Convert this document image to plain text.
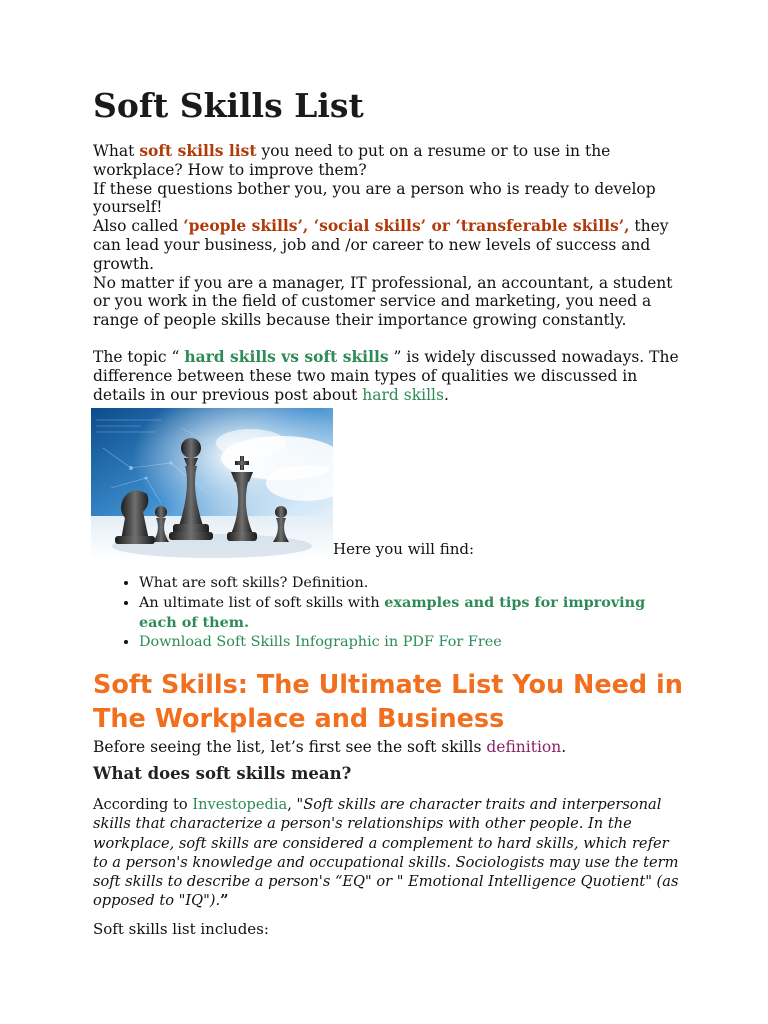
Soft Skills List

What soft skills list you need to put on a resume or to use in the workplace? How to improve them?

If these questions bother you, you are a person who is ready to develop yourself!

Also called ‘people skills’, ‘social skills’ or ‘transferable skills’, they can lead your business, job and /or career to new levels of success and growth.

No matter if you are a manager, IT professional, an accountant, a student or you work in the field of customer service and marketing, you need a range of people skills because their importance growing constantly.

The topic “ hard skills vs soft skills ” is widely discussed nowadays. The difference between these two main types of qualities we discussed in details in our previous post about hard skills.

Here you will find:
• What are soft skills? Definition.
• An ultimate list of soft skills with examples and tips for improving each of them.
• Download Soft Skills Infographic in PDF For Free
Soft Skills: The Ultimate List You Need in The Workplace and Business

Before seeing the list, let’s first see the soft skills definition.

What does soft skills mean?

According to Investopedia, "Soft skills are character traits and interpersonal skills that characterize a person's relationships with other people. In the workplace, soft skills are considered a complement to hard skills, which refer to a person's knowledge and occupational skills. Sociologists may use the term soft skills to describe a person's “EQ" or " Emotional Intelligence Quotient" (as opposed to "IQ").”

Soft skills list includes:
